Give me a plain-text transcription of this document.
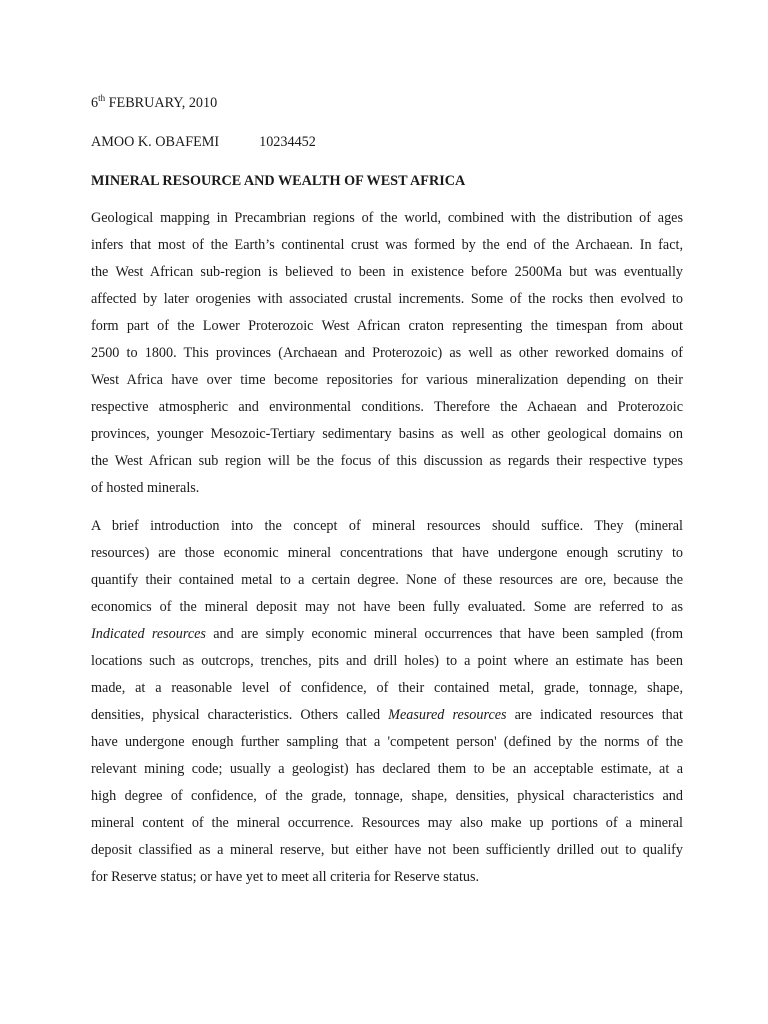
6th FEBRUARY, 2010
AMOO K. OBAFEMI	10234452
MINERAL RESOURCE AND WEALTH OF WEST AFRICA
Geological mapping in Precambrian regions of the world, combined with the distribution of ages
infers that most of the Earth’s continental crust was formed by the end of the Archaean. In fact,
the West African sub-region is believed to been in existence before 2500Ma but was eventually
affected by later orogenies with associated crustal increments. Some of the rocks then evolved to
form part of the Lower Proterozoic West African craton representing the timespan from about
2500 to 1800. This provinces (Archaean and Proterozoic) as well as other reworked domains of
West Africa have over time become repositories for various mineralization depending on their
respective atmospheric and environmental conditions. Therefore the Achaean and Proterozoic
provinces, younger Mesozoic-Tertiary sedimentary basins as well as other geological domains on
the West African sub region will be the focus of this discussion as regards their respective types
of hosted minerals.
A brief introduction into the concept of mineral resources should suffice. They (mineral
resources) are those economic mineral concentrations that have undergone enough scrutiny to
quantify their contained metal to a certain degree. None of these resources are ore, because the
economics of the mineral deposit may not have been fully evaluated. Some are referred to as
Indicated resources and are simply economic mineral occurrences that have been sampled (from
locations such as outcrops, trenches, pits and drill holes) to a point where an estimate has been
made, at a reasonable level of confidence, of their contained metal, grade, tonnage, shape,
densities, physical characteristics. Others called Measured resources are indicated resources that
have undergone enough further sampling that a 'competent person' (defined by the norms of the
relevant mining code; usually a geologist) has declared them to be an acceptable estimate, at a
high degree of confidence, of the grade, tonnage, shape, densities, physical characteristics and
mineral content of the mineral occurrence. Resources may also make up portions of a mineral
deposit classified as a mineral reserve, but either have not been sufficiently drilled out to qualify
for Reserve status; or have yet to meet all criteria for Reserve status.
